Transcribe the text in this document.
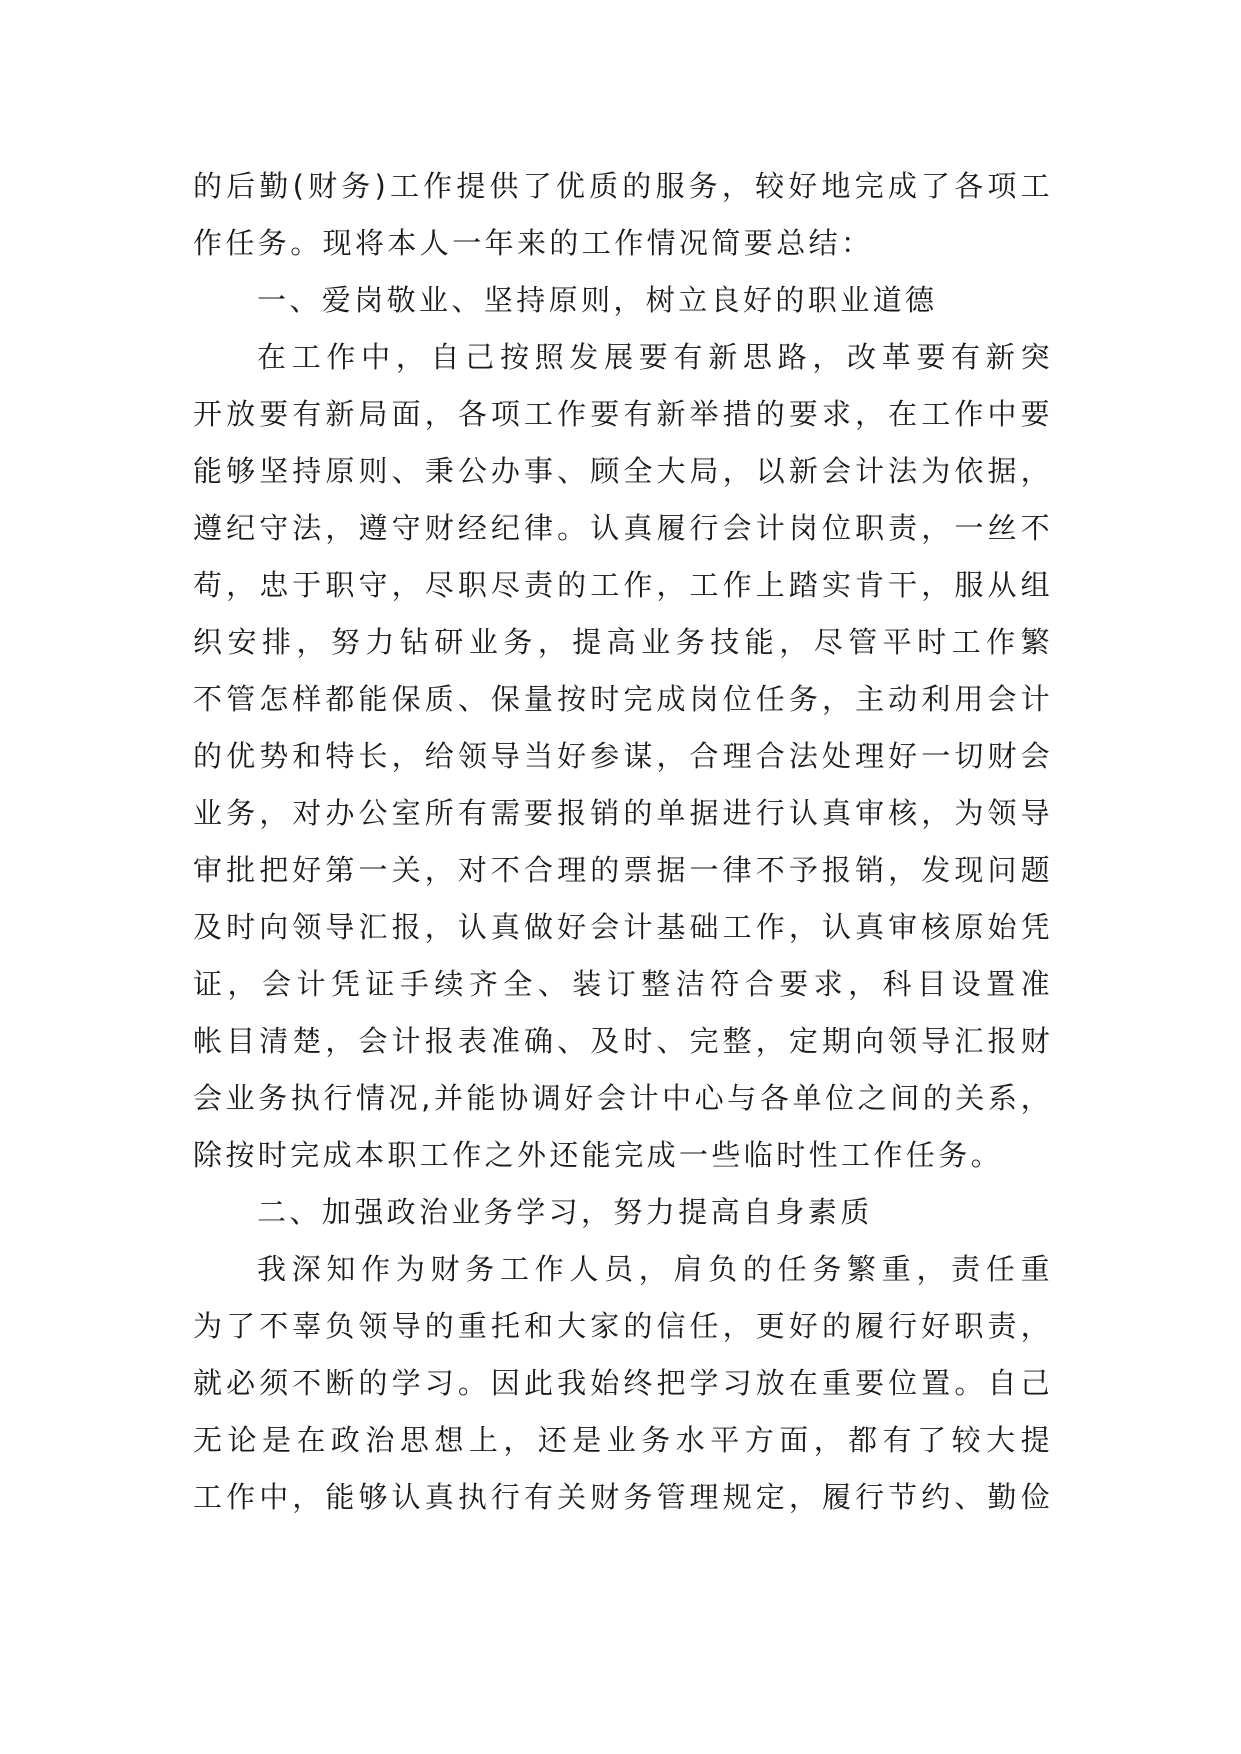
的后勤(财务)工作提供了优质的服务，较好地完成了各项工
作任务。现将本人一年来的工作情况简要总结：
一、爱岗敬业、坚持原则，树立良好的职业道德
在工作中，自己按照发展要有新思路，改革要有新突
开放要有新局面，各项工作要有新举措的要求，在工作中要
能够坚持原则、秉公办事、顾全大局，以新会计法为依据，
遵纪守法，遵守财经纪律。认真履行会计岗位职责，一丝不
苟，忠于职守，尽职尽责的工作，工作上踏实肯干，服从组
织安排，努力钻研业务，提高业务技能，尽管平时工作繁
不管怎样都能保质、保量按时完成岗位任务，主动利用会计
的优势和特长，给领导当好参谋，合理合法处理好一切财会
业务，对办公室所有需要报销的单据进行认真审核，为领导
审批把好第一关，对不合理的票据一律不予报销，发现问题
及时向领导汇报，认真做好会计基础工作，认真审核原始凭
证，会计凭证手续齐全、装订整洁符合要求，科目设置准
帐目清楚，会计报表准确、及时、完整，定期向领导汇报财
会业务执行情况,并能协调好会计中心与各单位之间的关系，
除按时完成本职工作之外还能完成一些临时性工作任务。
二、加强政治业务学习，努力提高自身素质
我深知作为财务工作人员，肩负的任务繁重，责任重
为了不辜负领导的重托和大家的信任，更好的履行好职责，
就必须不断的学习。因此我始终把学习放在重要位置。自己
无论是在政治思想上，还是业务水平方面，都有了较大提
工作中，能够认真执行有关财务管理规定，履行节约、勤俭
